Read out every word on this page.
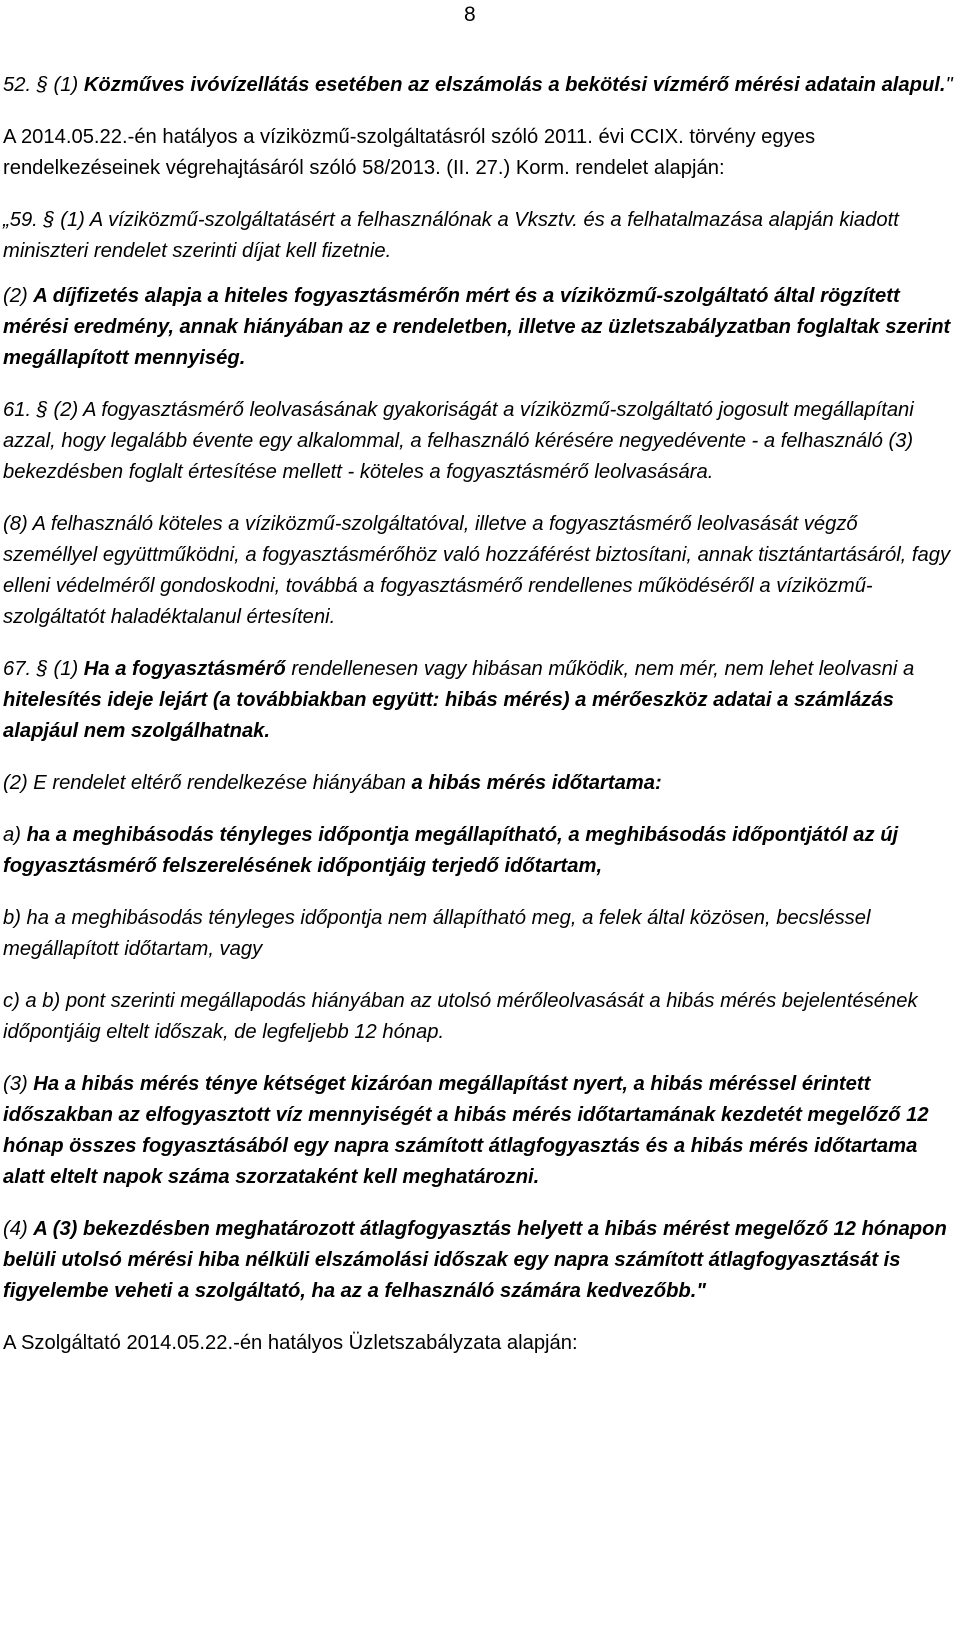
8

52. § (1) Közműves ivóvízellátás esetében az elszámolás a bekötési vízmérő mérési adatain alapul."

A 2014.05.22.-én hatályos a víziközmű-szolgáltatásról szóló 2011. évi CCIX. törvény egyes rendelkezéseinek végrehajtásáról szóló 58/2013. (II. 27.) Korm. rendelet alapján:

„59. § (1) A víziközmű-szolgáltatásért a felhasználónak a Vksztv. és a felhatalmazása alapján kiadott miniszteri rendelet szerinti díjat kell fizetnie.

(2) A díjfizetés alapja a hiteles fogyasztásmérőn mért és a víziközmű-szolgáltató által rögzített mérési eredmény, annak hiányában az e rendeletben, illetve az üzletszabályzatban foglaltak szerint megállapított mennyiség.

61. § (2) A fogyasztásmérő leolvasásának gyakoriságát a víziközmű-szolgáltató jogosult megállapítani azzal, hogy legalább évente egy alkalommal, a felhasználó kérésére negyedévente - a felhasználó (3) bekezdésben foglalt értesítése mellett - köteles a fogyasztásmérő leolvasására.

(8) A felhasználó köteles a víziközmű-szolgáltatóval, illetve a fogyasztásmérő leolvasását végző személlyel együttműködni, a fogyasztásmérőhöz való hozzáférést biztosítani, annak tisztántartásáról, fagy elleni védelméről gondoskodni, továbbá a fogyasztásmérő rendellenes működéséről a víziközmű-szolgáltatót haladéktalanul értesíteni.

67. § (1) Ha a fogyasztásmérő rendellenesen vagy hibásan működik, nem mér, nem lehet leolvasni a hitelesítés ideje lejárt (a továbbiakban együtt: hibás mérés) a mérőeszköz adatai a számlázás alapjául nem szolgálhatnak.

(2) E rendelet eltérő rendelkezése hiányában a hibás mérés időtartama:

a) ha a meghibásodás tényleges időpontja megállapítható, a meghibásodás időpontjától az új fogyasztásmérő felszerelésének időpontjáig terjedő időtartam,

b) ha a meghibásodás tényleges időpontja nem állapítható meg, a felek által közösen, becsléssel megállapított időtartam, vagy

c) a b) pont szerinti megállapodás hiányában az utolsó mérőleolvasását a hibás mérés bejelentésének időpontjáig eltelt időszak, de legfeljebb 12 hónap.

(3) Ha a hibás mérés ténye kétséget kizáróan megállapítást nyert, a hibás méréssel érintett időszakban az elfogyasztott víz mennyiségét a hibás mérés időtartamának kezdetét megelőző 12 hónap összes fogyasztásából egy napra számított átlagfogyasztás és a hibás mérés időtartama alatt eltelt napok száma szorzataként kell meghatározni.

(4) A (3) bekezdésben meghatározott átlagfogyasztás helyett a hibás mérést megelőző 12 hónapon belüli utolsó mérési hiba nélküli elszámolási időszak egy napra számított átlagfogyasztását is figyelembe veheti a szolgáltató, ha az a felhasználó számára kedvezőbb."

A Szolgáltató 2014.05.22.-én hatályos Üzletszabályzata alapján:
